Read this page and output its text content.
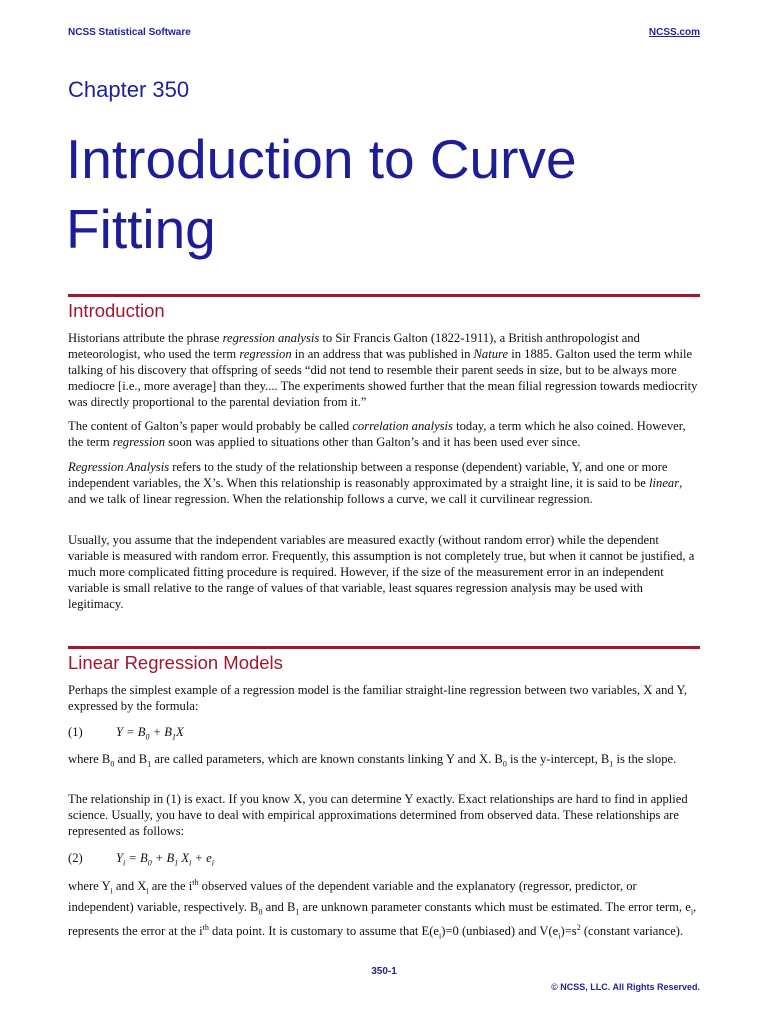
NCSS Statistical Software	NCSS.com
Chapter 350
Introduction to Curve Fitting
Introduction

Historians attribute the phrase regression analysis to Sir Francis Galton (1822-1911), a British anthropologist and meteorologist, who used the term regression in an address that was published in Nature in 1885. Galton used the term while talking of his discovery that offspring of seeds “did not tend to resemble their parent seeds in size, but to be always more mediocre [i.e., more average] than they.... The experiments showed further that the mean filial regression towards mediocrity was directly proportional to the parental deviation from it.”

The content of Galton’s paper would probably be called correlation analysis today, a term which he also coined. However, the term regression soon was applied to situations other than Galton’s and it has been used ever since.

Regression Analysis refers to the study of the relationship between a response (dependent) variable, Y, and one or more independent variables, the X’s. When this relationship is reasonably approximated by a straight line, it is said to be linear, and we talk of linear regression. When the relationship follows a curve, we call it curvilinear regression.

Usually, you assume that the independent variables are measured exactly (without random error) while the dependent variable is measured with random error. Frequently, this assumption is not completely true, but when it cannot be justified, a much more complicated fitting procedure is required. However, if the size of the measurement error in an independent variable is small relative to the range of values of that variable, least squares regression analysis may be used with legitimacy.

Linear Regression Models

Perhaps the simplest example of a regression model is the familiar straight-line regression between two variables, X and Y, expressed by the formula:

(1)	$Y = B_0 + B_1X$

where $B_0$ and $B_1$ are called parameters, which are known constants linking Y and X. $B_0$ is the y-intercept, $B_1$ is the slope.

The relationship in (1) is exact. If you know X, you can determine Y exactly. Exact relationships are hard to find in applied science. Usually, you have to deal with empirical approximations determined from observed data. These relationships are represented as follows:

(2)	$Y_i = B_0 + B_1$ $X_i + e_i$

where $Y_i$ and $X_i$ are the $i^{th}$ observed values of the dependent variable and the explanatory (regressor, predictor, or independent) variable, respectively. $B_0$ and $B_1$ are unknown parameter constants which must be estimated. The error term, $e_i$, represents the error at the $i^{th}$ data point. It is customary to assume that $E(e_i)=0$ (unbiased) and $V(e_i)=s^2$ (constant variance).

350-1
© NCSS, LLC. All Rights Reserved.
